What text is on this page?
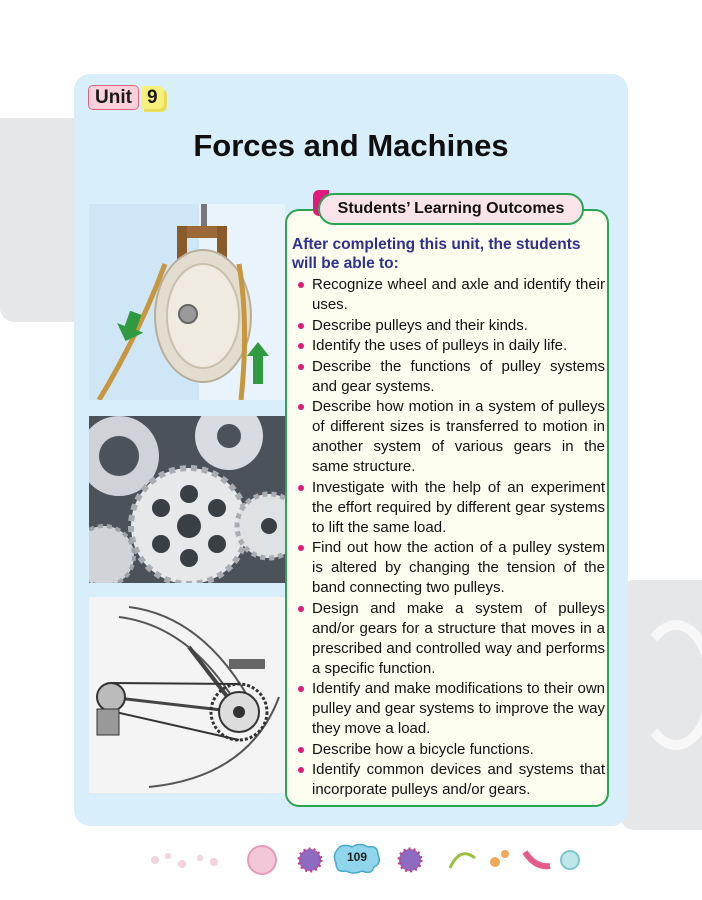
Unit 9
Forces and Machines
Students’ Learning Outcomes
After completing this unit, the students will be able to:
Recognize wheel and axle and identify their uses.
Describe pulleys and their kinds.
Identify the uses of pulleys in daily life.
Describe the functions of pulley systems and gear systems.
Describe how motion in a system of pulleys of different sizes is transferred to motion in another system of various gears in the same structure.
Investigate with the help of an experiment the effort required by different gear systems to lift the same load.
Find out how the action of a pulley system is altered by changing the tension of the band connecting two pulleys.
Design and make a system of pulleys and/or gears for a structure that moves in a prescribed and controlled way and performs a specific function.
Identify and make modifications to their own pulley and gear systems to improve the way they move a load.
Describe how a bicycle functions.
Identify common devices and systems that incorporate pulleys and/or gears.
109
